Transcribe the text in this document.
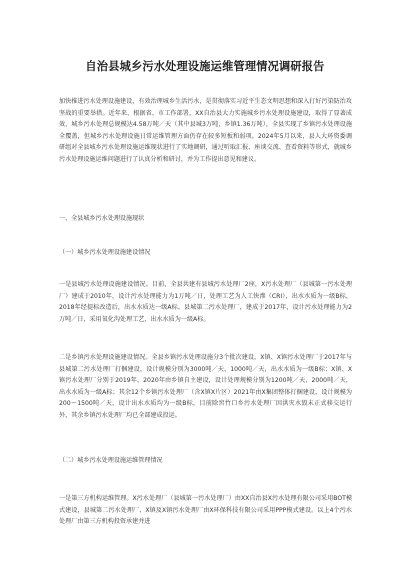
自治县城乡污水处理设施运维管理情况调研报告

加快推进污水处理设施建设，有效治理城乡生活污水，是贯彻落实习近平生态文明思想和深入打好污染防治攻坚战的重要举措。近年来，根据省、市工作部署，XX自治县大力实施城乡污水处理设施建设，取得了显著成效，城乡污水处理总规模达4.58万吨／天（其中县城3万吨，乡镇1.36万吨），全县实现了乡镇污水处理设施全覆盖，但城乡污水处理设施日常运维管理方面仍存在较多短板和弱项。2024年5月以来，县人大环资委调研组对全县城乡污水处理设施运维现状进行了实地调研，通过听取汇报、座谈交流、查看资料等形式，就城乡污水处理设施运维问题进行了认真分析和研讨，并为工作提出意见和建议。

一、全县城乡污水处理设施现状

（一）城乡污水处理设施建设情况

一是县城污水处理设施建设情况。目前，全县共建有县城污水处理厂2座，X污水处理厂（县城第一污水处理厂）建成于2010年，设计污水处理能力为1万吨／日，处理工艺为人工快滲（CRI），出水水质为一级B标，2018年经提标改造后，出水水质达一级A标。县城第二污水处理厂，建成于2017年，设计污水处理能力为2万吨／日，采用氧化沟处理工艺，出水水质为一级A标。

二是乡镇污水处理设施建设情况。全县乡镇污水处理设施分3个批次建设，X镇、X镇污水处理厂于2017年与县城第二污水处理厂打捆建设，设计规模分别为3000吨／天、1000吨／天，出水水质为一级B标；X镇、X镇污水处理厂分别于2019年、2020年由乡镇自主建设，设计处理规模分别为1200吨／天、2000吨／天，出水水质为一级A标；其余12个乡镇污水处理厂（含X镇X片区）2021年由X集团整体打捆建设，设计规模为200～1500吨／天，设计出水水质均为一级B标，目前除窖竹口乡污水处理厂因洪灾水毁未正式移交运行外，其余乡镇污水处理厂均已全部建成投运。

（二）城乡污水处理设施运维管理情况

一是第三方机构运维管理。X污水处理厂（县城第一污水处理厂）由XX自治县X污水处理有限公司采用BOT模式建设，县城第二污水处理厂、X镇及X镇污水处理厂由X环保科技有限公司采用PPP模式建设。以上4个污水处理厂由第三方机构投资承建并进
